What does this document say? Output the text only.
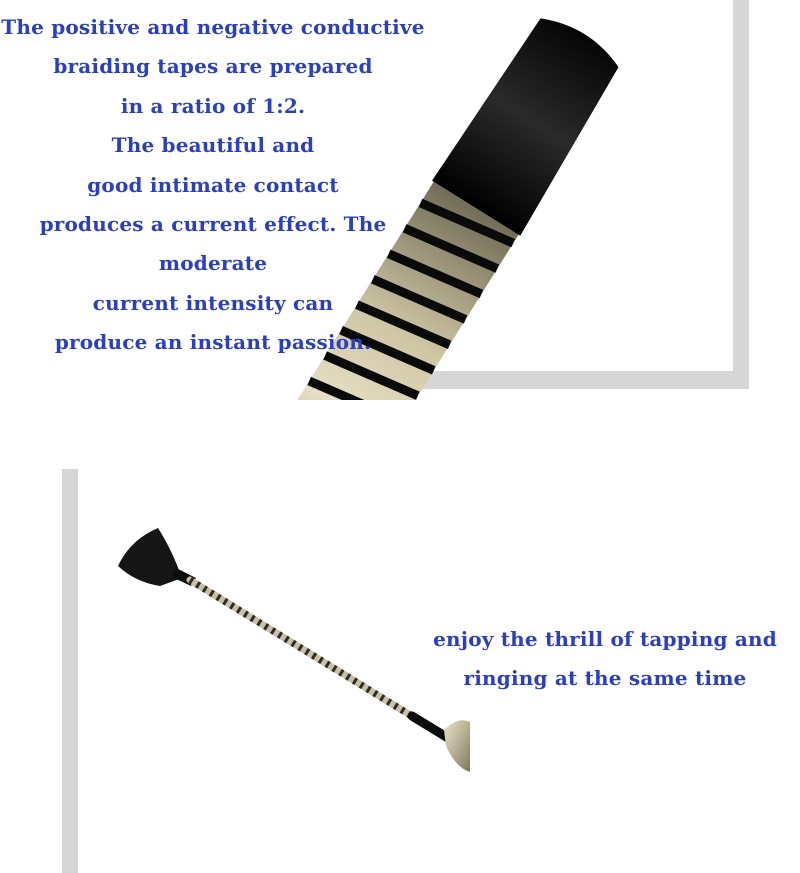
The positive and negative conductive
braiding tapes are prepared
in a ratio of 1:2.
The beautiful and
good intimate contact
produces a current effect. The
moderate
current intensity can
produce an instant passion.
enjoy the thrill of tapping and
ringing at the same time
